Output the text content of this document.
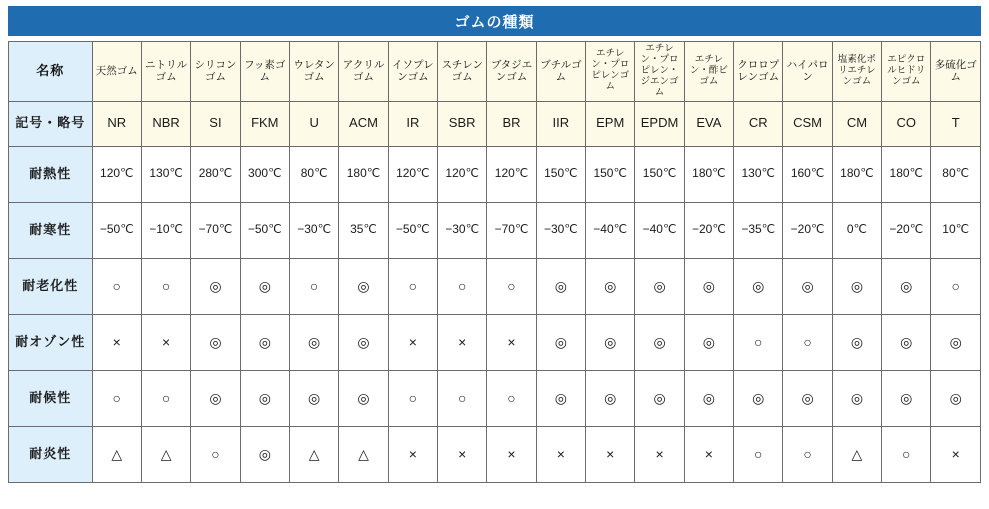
ゴムの種類
名称	天然ゴム	ニトリルゴム	シリコンゴム	フッ素ゴム	ウレタンゴム	アクリルゴム	イソプレンゴム	スチレンゴム	ブタジエンゴム	ブチルゴム	エチレン・プロピレンゴム	エチレン・プロピレン・ジエンゴム	エチレン・酢ビゴム	クロロプレンゴム	ハイパロン	塩素化ポリエチレンゴム	エピクロルヒドリンゴム	多硫化ゴム

記号・略号	NR	NBR	SI	FKM	U	ACM	IR	SBR	BR	IIR	EPM	EPDM	EVA	CR	CSM	CM	CO	T
耐熱性	120℃	130℃	280℃	300℃	80℃	180℃	120℃	120℃	120℃	150℃	150℃	150℃	180℃	130℃	160℃	180℃	180℃	80℃
耐寒性	−50℃	−10℃	−70℃	−50℃	−30℃	35℃	−50℃	−30℃	−70℃	−30℃	−40℃	−40℃	−20℃	−35℃	−20℃	0℃	−20℃	10℃
耐老化性	○	○	◎	◎	○	◎	○	○	○	◎	◎	◎	◎	◎	◎	◎	◎	○
耐オゾン性	×	×	◎	◎	◎	◎	×	×	×	◎	◎	◎	◎	○	○	◎	◎	◎
耐候性	○	○	◎	◎	◎	◎	○	○	○	◎	◎	◎	◎	◎	◎	◎	◎	◎
耐炎性	△	△	○	◎	△	△	×	×	×	×	×	×	×	○	○	△	○	×
